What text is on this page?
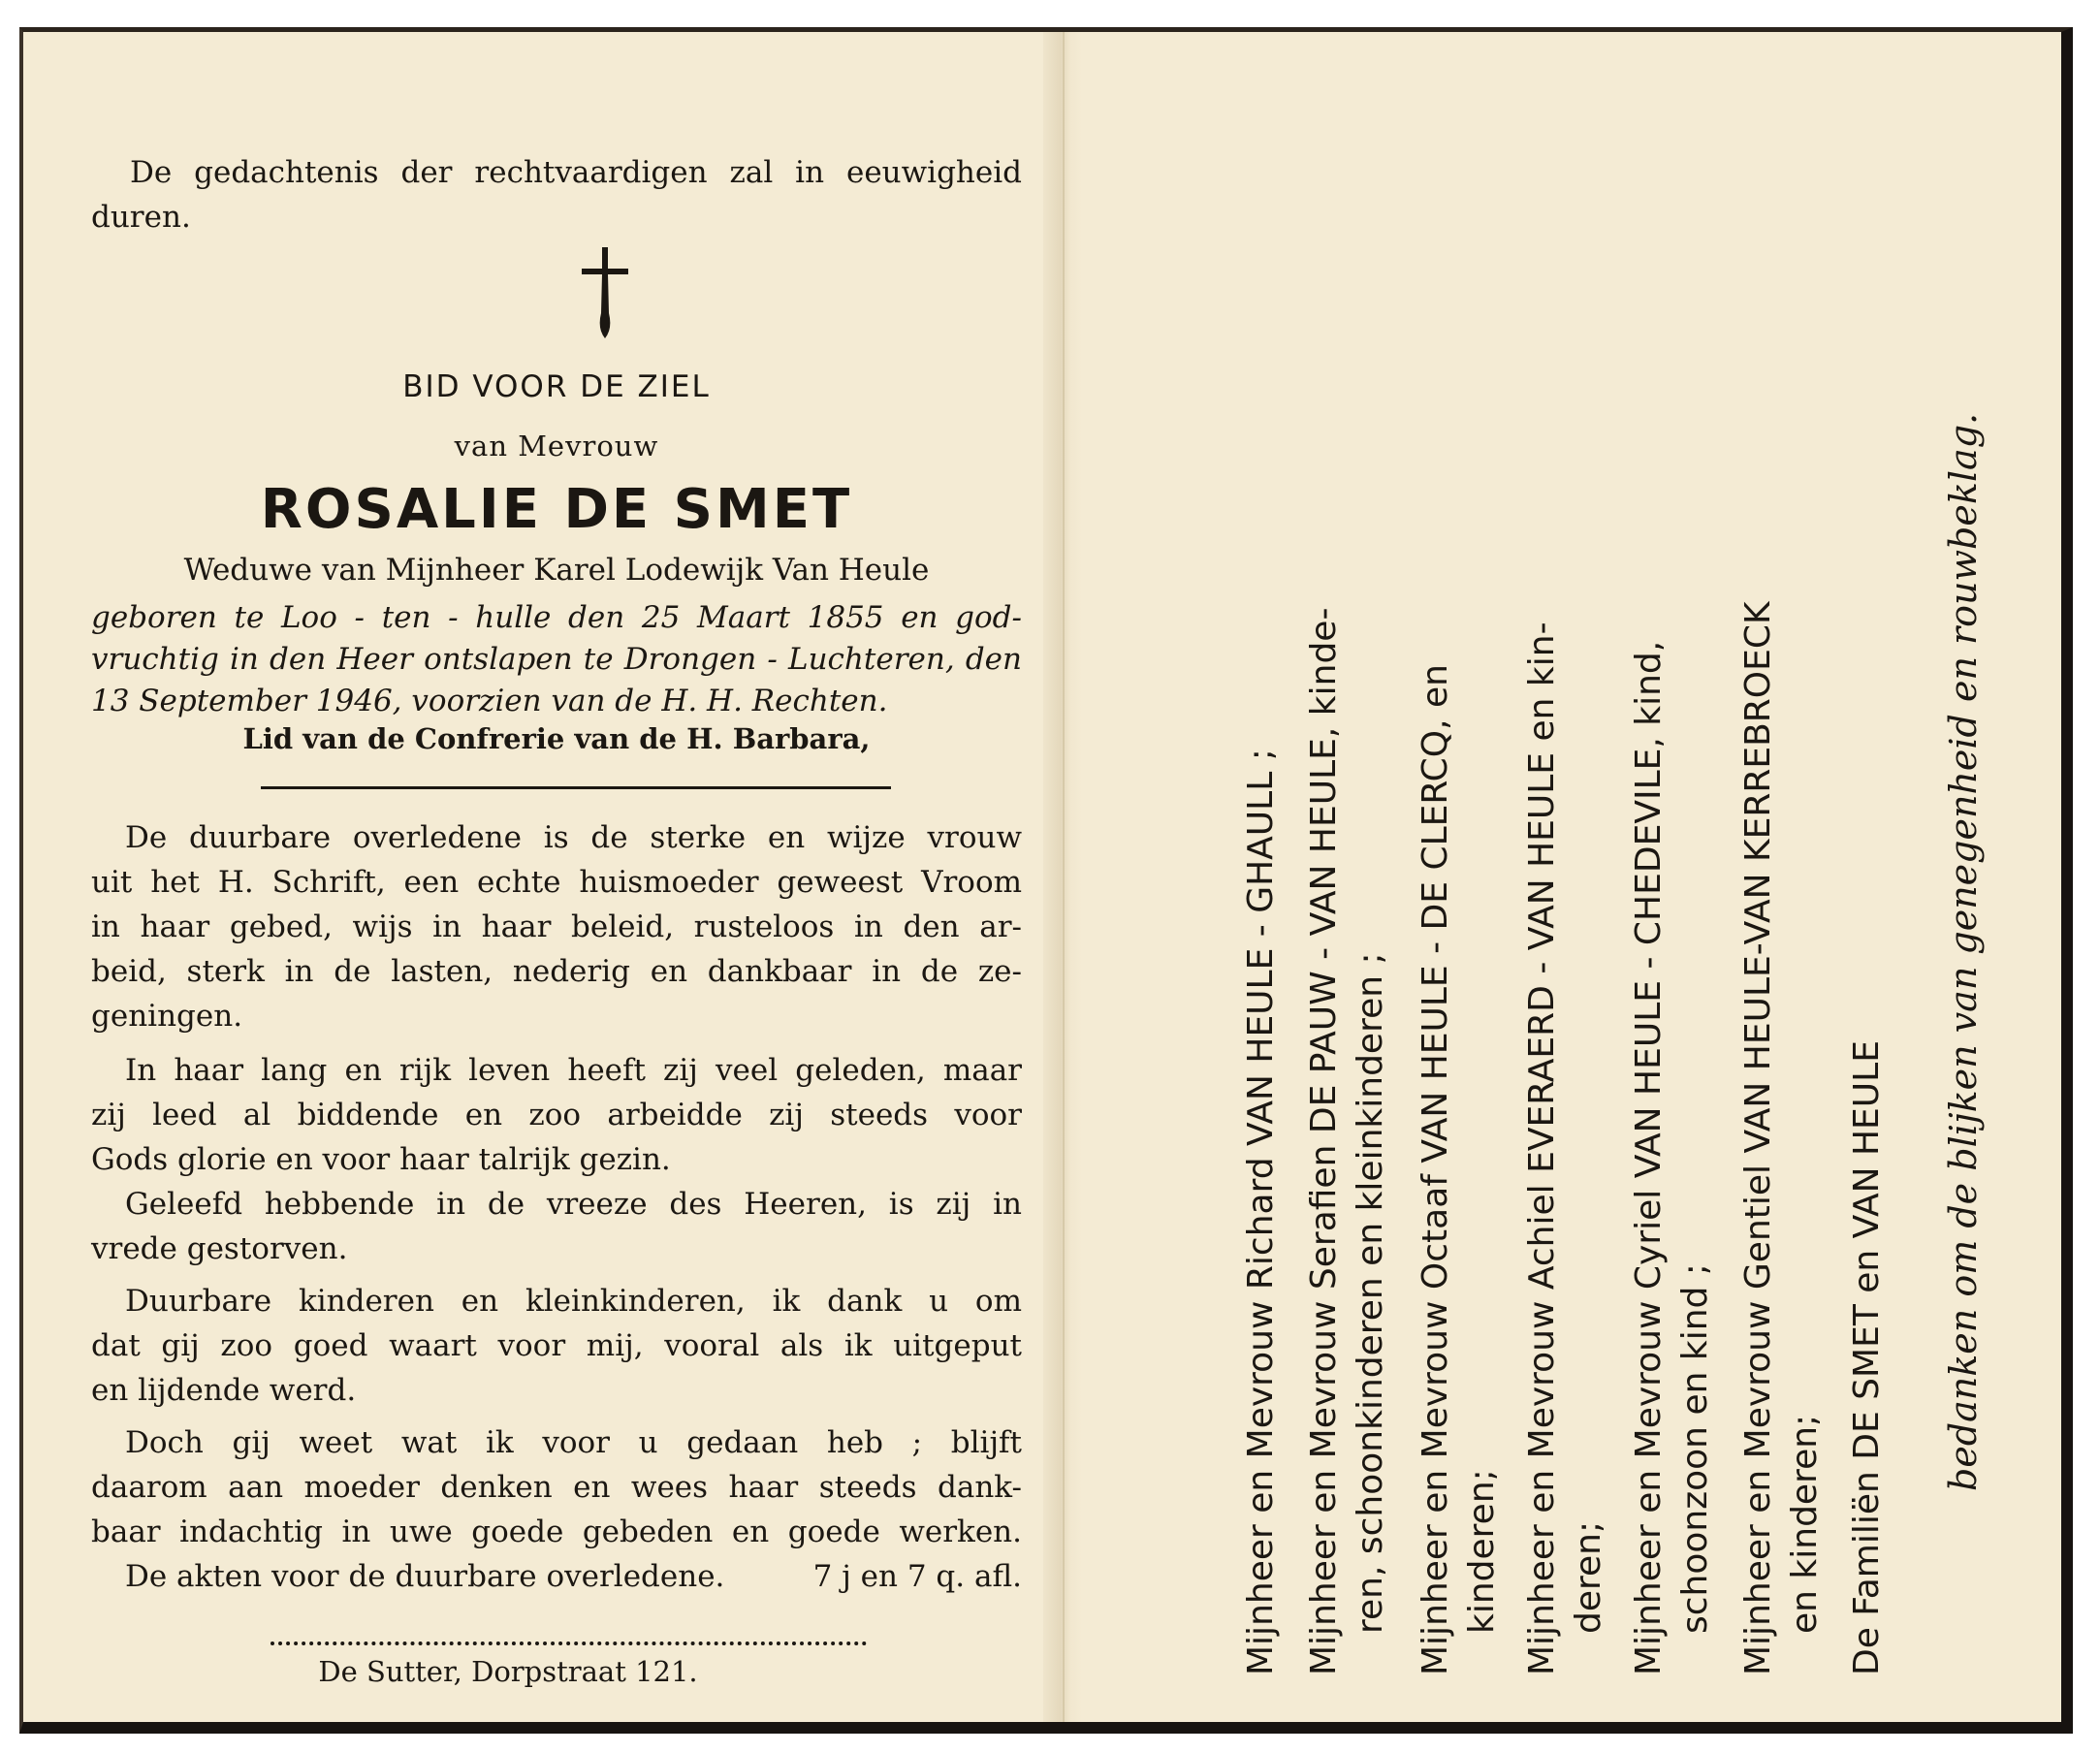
De gedachtenis der rechtvaardigen zal in eeuwigheid
duren.
BID VOOR DE ZIEL
van Mevrouw
ROSALIE DE SMET
Weduwe van Mijnheer Karel Lodewijk Van Heule
geboren te Loo - ten - hulle den 25 Maart 1855 en god-
vruchtig in den Heer ontslapen te Drongen - Luchteren, den
13 September 1946, voorzien van de H. H. Rechten.
Lid van de Confrerie van de H. Barbara,
De duurbare overledene is de sterke en wijze vrouw
uit het H. Schrift, een echte huismoeder geweest Vroom
in haar gebed, wijs in haar beleid, rusteloos in den ar-
beid, sterk in de lasten, nederig en dankbaar in de ze-
geningen.
In haar lang en rijk leven heeft zij veel geleden, maar
zij leed al biddende en zoo arbeidde zij steeds voor
Gods glorie en voor haar talrijk gezin.
Geleefd hebbende in de vreeze des Heeren, is zij in
vrede gestorven.
Duurbare kinderen en kleinkinderen, ik dank u om
dat gij zoo goed waart voor mij, vooral als ik uitgeput
en lijdende werd.
Doch gij weet wat ik voor u gedaan heb ; blijft
daarom aan moeder denken en wees haar steeds dank-
baar indachtig in uwe goede gebeden en goede werken.
De akten voor de duurbare overledene.	7 j en 7 q. afl.
De Sutter, Dorpstraat 121.	Mijnheer en Mevrouw Richard VAN HEULE - GHAULL ; Mijnheer en Mevrouw Serafien DE PAUW - VAN HEULE, kinde- ren, schoonkinderen en kleinkinderen ; Mijnheer en Mevrouw Octaaf VAN HEULE - DE CLERCQ, en kinderen; Mijnheer en Mevrouw Achiel EVERAERD - VAN HEULE en kin- deren; Mijnheer en Mevrouw Cyriel VAN HEULE - CHEDEVILE, kind, schoonzoon en kind ; Mijnheer en Mevrouw Gentiel VAN HEULE-VAN KERREBROECK en kinderen; De Familiën DE SMET en VAN HEULE bedanken om de blijken van genegenheid en rouwbeklag.
